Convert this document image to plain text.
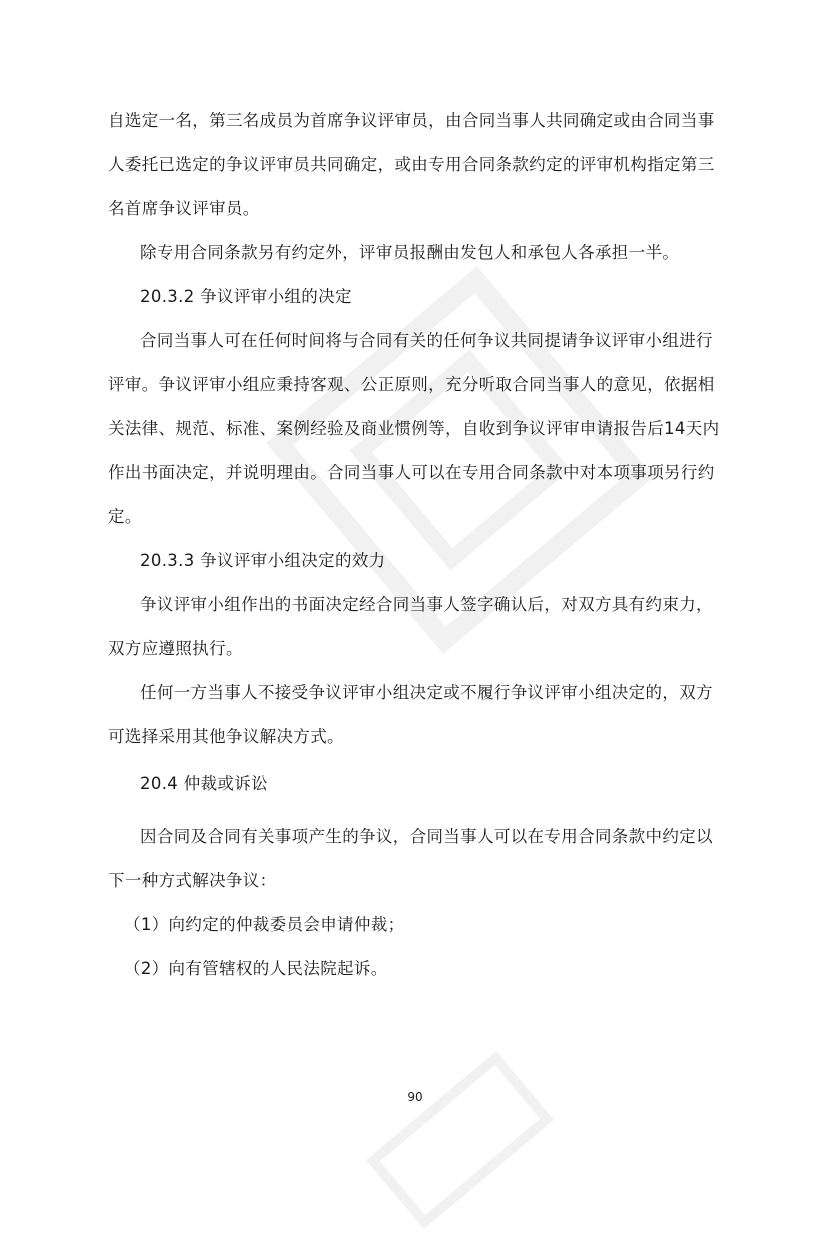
自选定一名，第三名成员为首席争议评审员，由合同当事人共同确定或由合同当事
人委托已选定的争议评审员共同确定，或由专用合同条款约定的评审机构指定第三
名首席争议评审员。
除专用合同条款另有约定外，评审员报酬由发包人和承包人各承担一半。
20.3.2 争议评审小组的决定
合同当事人可在任何时间将与合同有关的任何争议共同提请争议评审小组进行
评审。争议评审小组应秉持客观、公正原则，充分听取合同当事人的意见，依据相
关法律、规范、标准、案例经验及商业惯例等，自收到争议评审申请报告后14天内
作出书面决定，并说明理由。合同当事人可以在专用合同条款中对本项事项另行约
定。
20.3.3 争议评审小组决定的效力
争议评审小组作出的书面决定经合同当事人签字确认后，对双方具有约束力，
双方应遵照执行。
任何一方当事人不接受争议评审小组决定或不履行争议评审小组决定的，双方
可选择采用其他争议解决方式。
20.4 仲裁或诉讼
因合同及合同有关事项产生的争议，合同当事人可以在专用合同条款中约定以
下一种方式解决争议：
（1）向约定的仲裁委员会申请仲裁；
（2）向有管辖权的人民法院起诉。
90
